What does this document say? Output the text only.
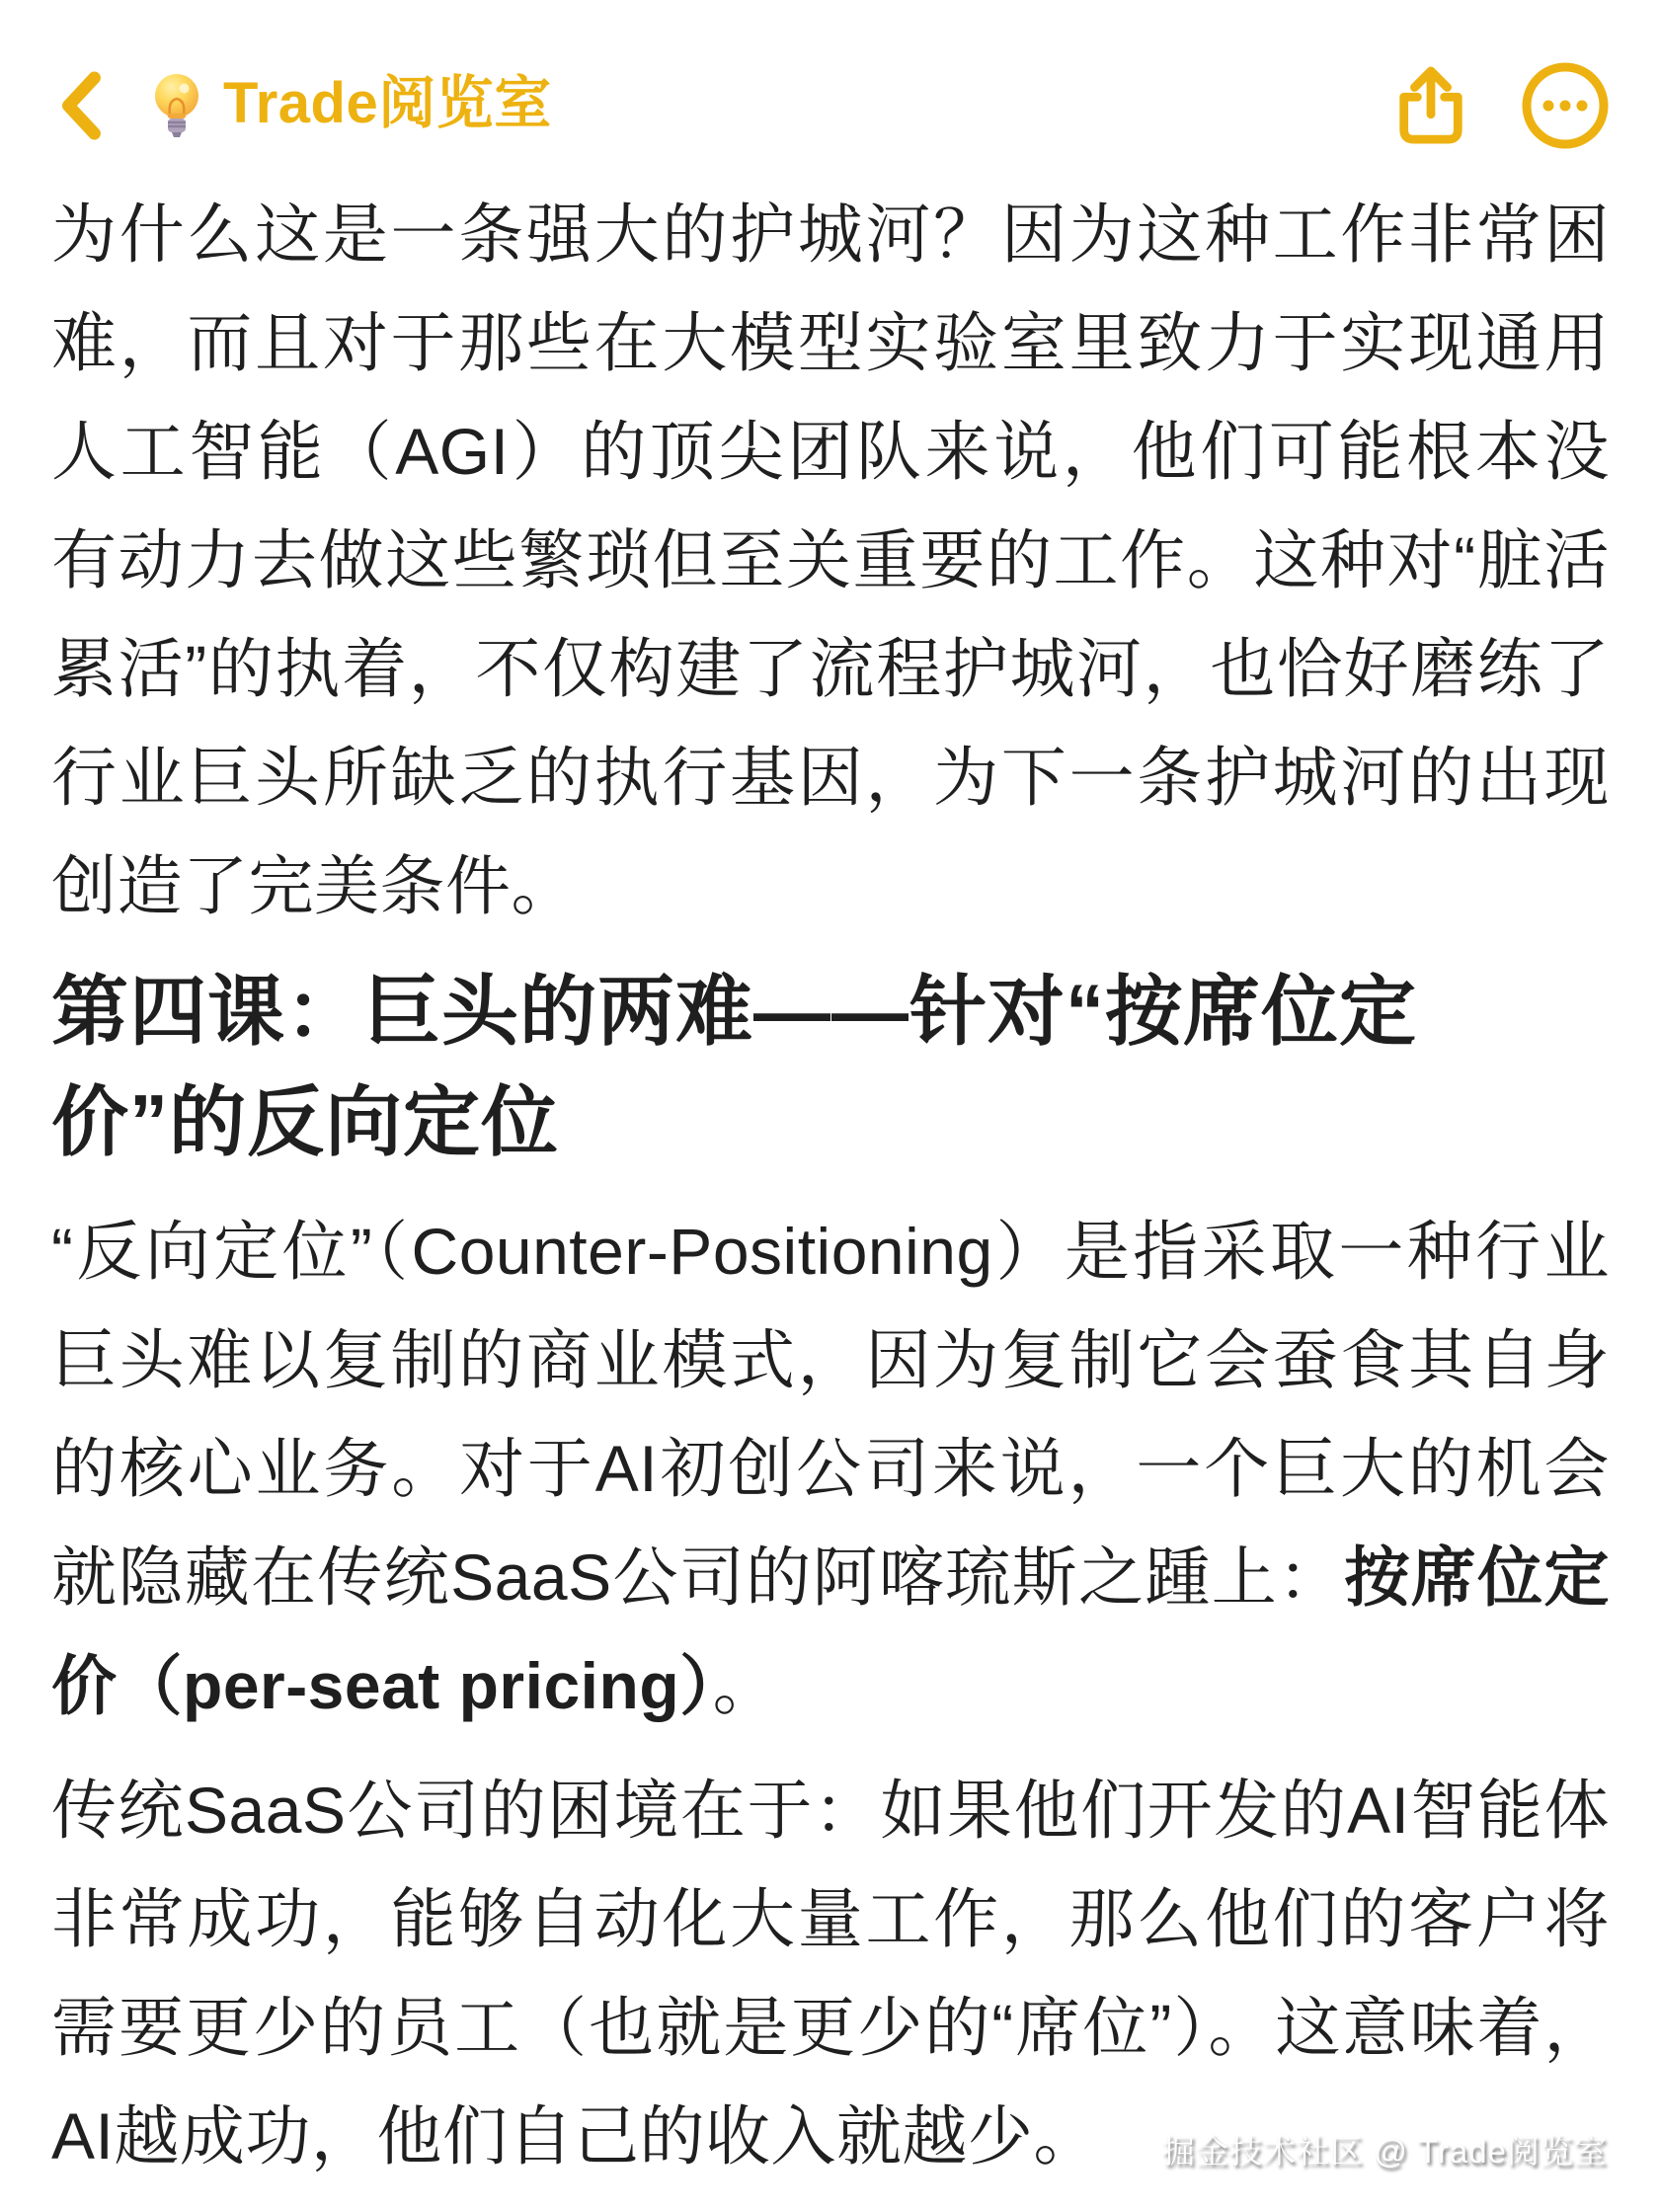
Trade阅览室

为什么这是一条强大的护城河？因为这种工作非常困难，而且对于那些在大模型实验室里致力于实现通用人工智能（AGI）的顶尖团队来说，他们可能根本没有动力去做这些繁琐但至关重要的工作。这种对“脏活累活”的执着，不仅构建了流程护城河，也恰好磨练了行业巨头所缺乏的执行基因，为下一条护城河的出现创造了完美条件。

第四课：巨头的两难——针对“按席位定价”的反向定位

“反向定位”（Counter-Positioning）是指采取一种行业巨头难以复制的商业模式，因为复制它会蚕食其自身的核心业务。对于AI初创公司来说，一个巨大的机会就隐藏在传统SaaS公司的阿喀琉斯之踵上：按席位定价（per-seat pricing）。

传统SaaS公司的困境在于：如果他们开发的AI智能体非常成功，能够自动化大量工作，那么他们的客户将需要更少的员工（也就是更少的“席位”）。这意味着，AI越成功，他们自己的收入就越少。	掘金技术社区 @ Trade阅览室
